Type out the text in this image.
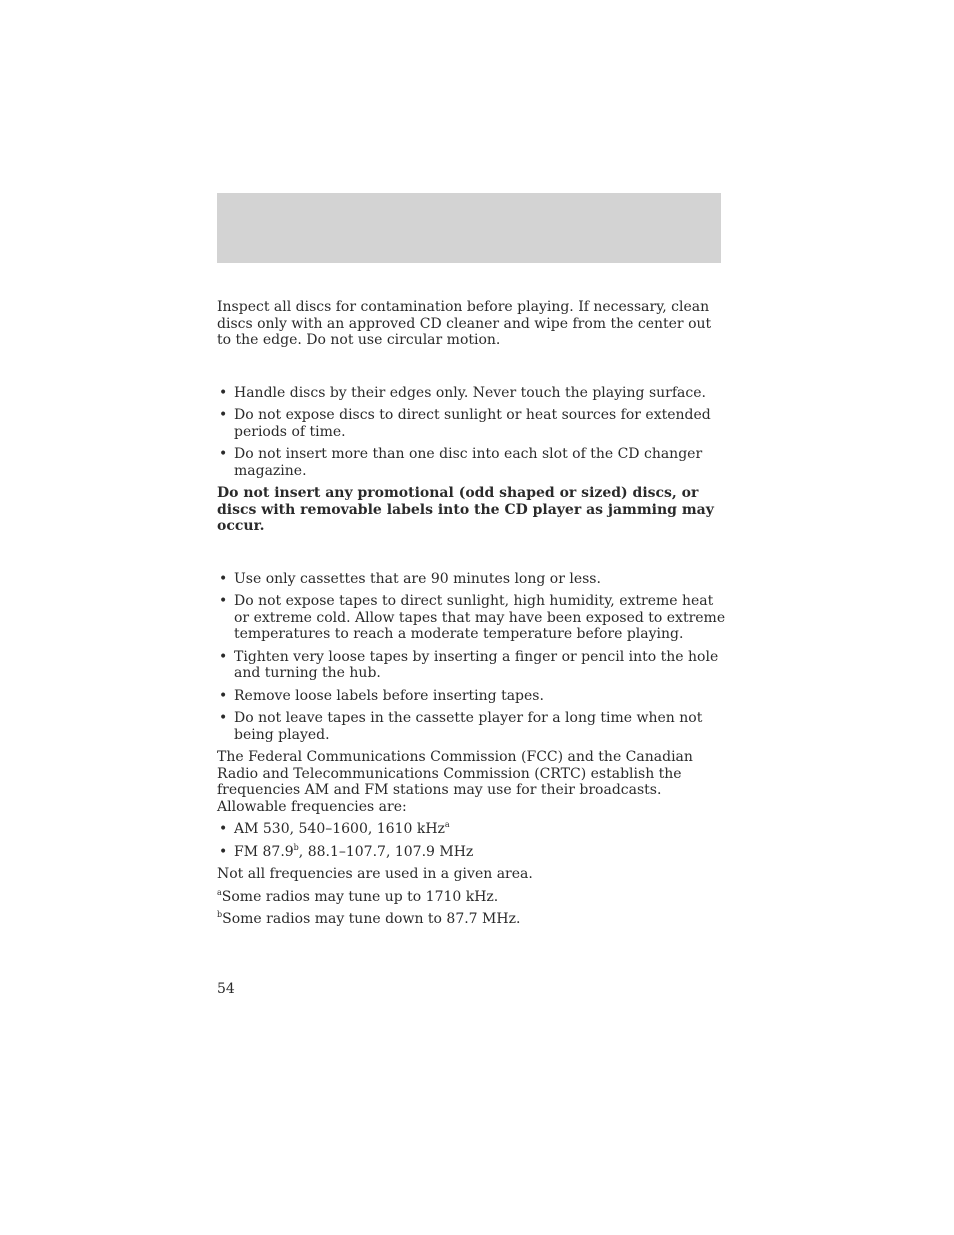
Inspect all discs for contamination before playing. If necessary, clean discs only with an approved CD cleaner and wipe from the center out to the edge. Do not use circular motion.

• Handle discs by their edges only. Never touch the playing surface.
• Do not expose discs to direct sunlight or heat sources for extended periods of time.
• Do not insert more than one disc into each slot of the CD changer magazine.

Do not insert any promotional (odd shaped or sized) discs, or discs with removable labels into the CD player as jamming may occur.

• Use only cassettes that are 90 minutes long or less.
• Do not expose tapes to direct sunlight, high humidity, extreme heat or extreme cold. Allow tapes that may have been exposed to extreme temperatures to reach a moderate temperature before playing.
• Tighten very loose tapes by inserting a finger or pencil into the hole and turning the hub.
• Remove loose labels before inserting tapes.
• Do not leave tapes in the cassette player for a long time when not being played.

The Federal Communications Commission (FCC) and the Canadian Radio and Telecommunications Commission (CRTC) establish the frequencies AM and FM stations may use for their broadcasts. Allowable frequencies are:

• AM 530, 540–1600, 1610 kHz$^a$
• FM 87.9$^b$, 88.1–107.7, 107.9 MHz

Not all frequencies are used in a given area.

$^a$Some radios may tune up to 1710 kHz.

$^b$Some radios may tune down to 87.7 MHz.

54
